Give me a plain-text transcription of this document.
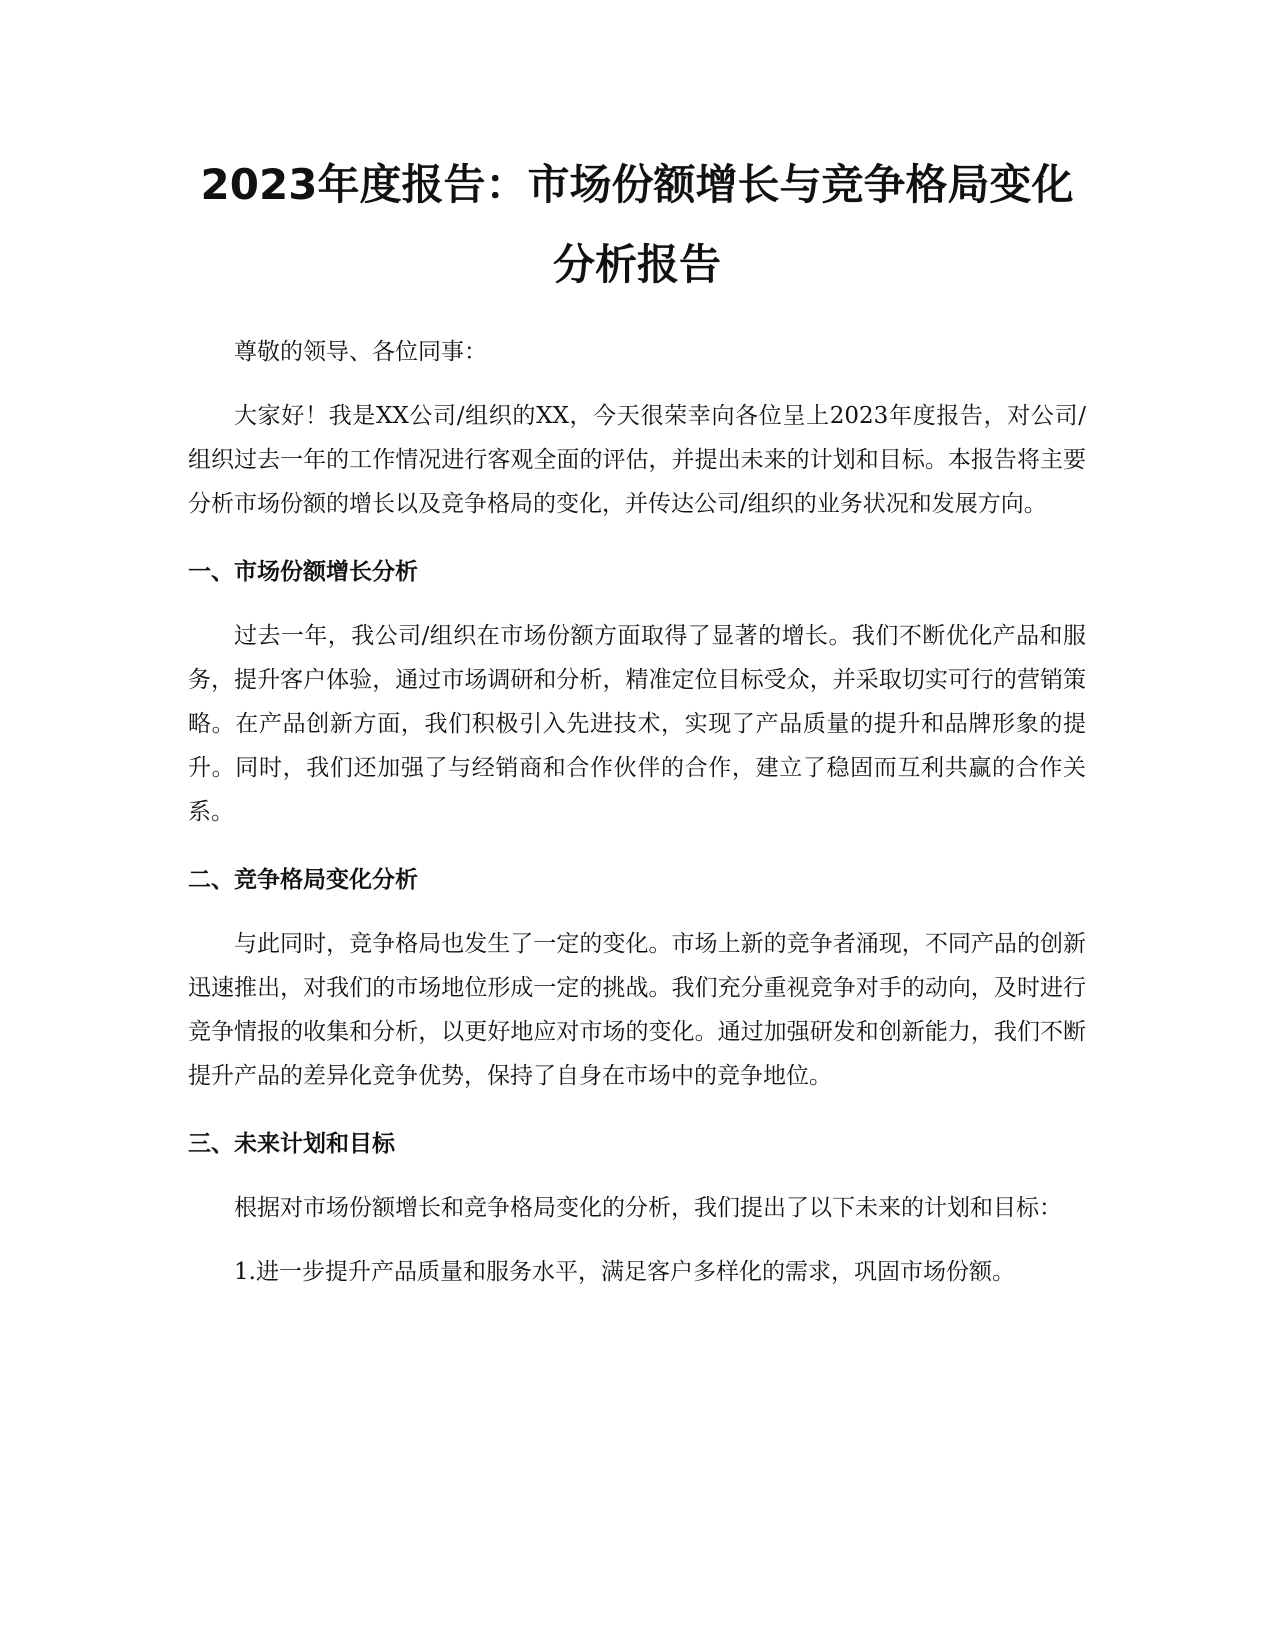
2023年度报告：市场份额增长与竞争格局变化分析报告

尊敬的领导、各位同事：

大家好！我是XX公司/组织的XX，今天很荣幸向各位呈上2023年度报告，对公司/组织过去一年的工作情况进行客观全面的评估，并提出未来的计划和目标。本报告将主要分析市场份额的增长以及竞争格局的变化，并传达公司/组织的业务状况和发展方向。

一、市场份额增长分析

过去一年，我公司/组织在市场份额方面取得了显著的增长。我们不断优化产品和服务，提升客户体验，通过市场调研和分析，精准定位目标受众，并采取切实可行的营销策略。在产品创新方面，我们积极引入先进技术，实现了产品质量的提升和品牌形象的提升。同时，我们还加强了与经销商和合作伙伴的合作，建立了稳固而互利共赢的合作关系。

二、竞争格局变化分析

与此同时，竞争格局也发生了一定的变化。市场上新的竞争者涌现，不同产品的创新迅速推出，对我们的市场地位形成一定的挑战。我们充分重视竞争对手的动向，及时进行竞争情报的收集和分析，以更好地应对市场的变化。通过加强研发和创新能力，我们不断提升产品的差异化竞争优势，保持了自身在市场中的竞争地位。

三、未来计划和目标

根据对市场份额增长和竞争格局变化的分析，我们提出了以下未来的计划和目标：

1.进一步提升产品质量和服务水平，满足客户多样化的需求，巩固市场份额。
